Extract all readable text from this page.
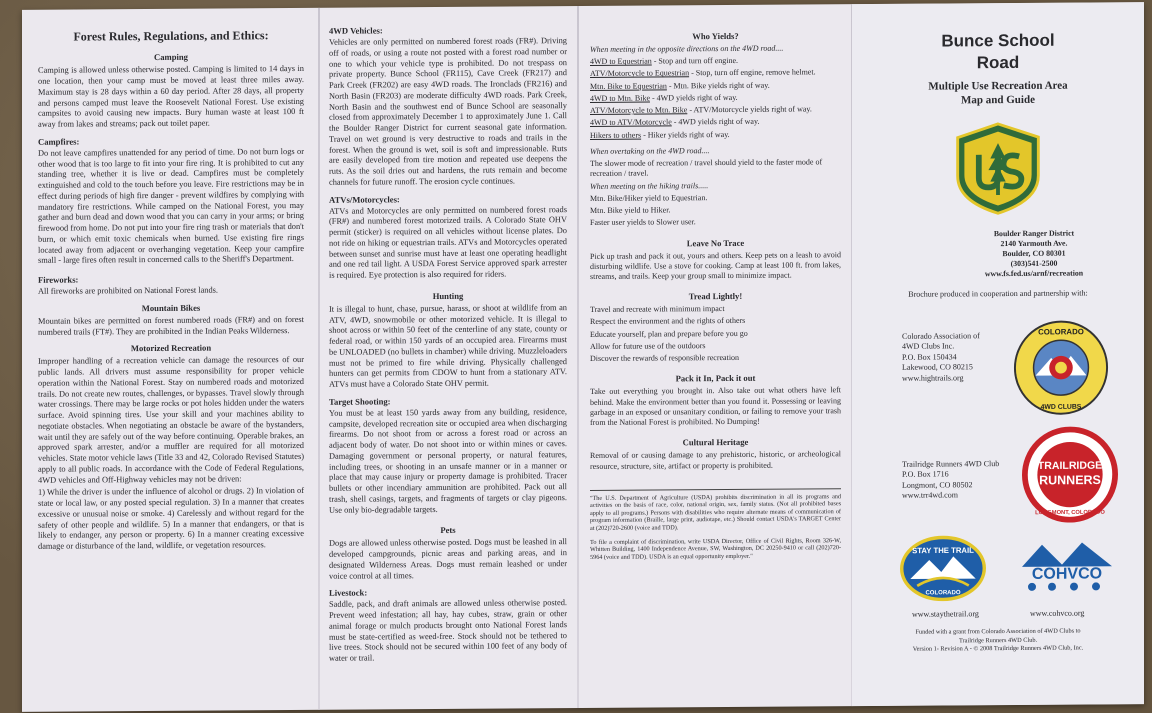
Forest Rules, Regulations, and Ethics:
Camping

Camping is allowed unless otherwise posted. Camping is limited to 14 days in one location, then your camp must be moved at least three miles away. Maximum stay is 28 days within a 60 day period. After 28 days, all property and persons camped must leave the Roosevelt National Forest. Use existing campsites to avoid causing new impacts. Bury human waste at least 100 ft away from lakes and streams; pack out toilet paper.

Campfires:

Do not leave campfires unattended for any period of time. Do not burn logs or other wood that is too large to fit into your fire ring. It is prohibited to cut any standing tree, whether it is live or dead. Campfires must be completely extinguished and cold to the touch before you leave. Fire restrictions may be in effect during periods of high fire danger - prevent wildfires by complying with mandatory fire restrictions. While camped on the National Forest, you may gather and burn dead and down wood that you can carry in your arms; or bring firewood from home. Do not put into your fire ring trash or materials that don't burn, or which emit toxic chemicals when burned. Use existing fire rings located away from adjacent or overhanging vegetation. Keep your campfire small - large fires often result in concerned calls to the Sheriff's Department.

Fireworks:

All fireworks are prohibited on National Forest lands.

Mountain Bikes

Mountain bikes are permitted on forest numbered roads (FR#) and on forest numbered trails (FT#). They are prohibited in the Indian Peaks Wilderness.

Motorized Recreation

Improper handling of a recreation vehicle can damage the resources of our public lands. All drivers must assume responsibility for proper vehicle operation within the National Forest. Stay on numbered roads and motorized trails. Do not create new routes, challenges, or bypasses. Travel slowly through water crossings. There may be large rocks or pot holes hidden under the waters surface. Avoid spinning tires. Use your skill and your machines ability to negotiate obstacles. When negotiating an obstacle be aware of the bystanders, wait until they are safely out of the way before continuing. Operable brakes, an approved spark arrester, and/or a muffler are required for all motorized vehicles. State motor vehicle laws (Title 33 and 42, Colorado Revised Statutes) apply to all public roads. In accordance with the Code of Federal Regulations, 4WD vehicles and Off-Highway vehicles may not be driven:

1) While the driver is under the influence of alcohol or drugs. 2) In violation of state or local law, or any posted special regulation. 3) In a manner that creates excessive or unusual noise or smoke. 4) Carelessly and without regard for the safety of other people and wildlife. 5) In a manner that endangers, or that is likely to endanger, any person or property. 6) In a manner creating excessive damage or disturbance of the land, wildlife, or vegetation resources.

4WD Vehicles:

Vehicles are only permitted on numbered forest roads (FR#). Driving off of roads, or using a route not posted with a forest road number or one to which your vehicle type is prohibited. Do not trespass on private property. Bunce School (FR115), Cave Creek (FR217) and Park Creek (FR202) are easy 4WD roads. The Ironclads (FR216) and North Basin (FR203) are moderate difficulty 4WD roads. Park Creek, North Basin and the southwest end of Bunce School are seasonally closed from approximately December 1 to approximately June 1. Call the Boulder Ranger District for current seasonal gate information. Travel on wet ground is very destructive to roads and trails in the forest. When the ground is wet, soil is soft and impressionable. Ruts are easily developed from tire motion and repeated use deepens the ruts. As the soil dries out and hardens, the ruts remain and become channels for future runoff. The erosion cycle continues.

ATVs/Motorcycles:

ATVs and Motorcycles are only permitted on numbered forest roads (FR#) and numbered forest motorized trails. A Colorado State OHV permit (sticker) is required on all vehicles without license plates. Do not ride on hiking or equestrian trails. ATVs and Motorcycles operated between sunset and sunrise must have at least one operating headlight and one red tail light. A USDA Forest Service approved spark arrester is required. Eye protection is also required for riders.

Hunting

It is illegal to hunt, chase, pursue, harass, or shoot at wildlife from an ATV, 4WD, snowmobile or other motorized vehicle. It is illegal to shoot across or within 50 feet of the centerline of any state, county or federal road, or within 150 yards of an occupied area. Firearms must be UNLOADED (no bullets in chamber) while driving. Muzzleloaders must not be primed to fire while driving. Physically challenged hunters can get permits from CDOW to hunt from a stationary ATV. ATVs must have a Colorado State OHV permit.

Target Shooting:

You must be at least 150 yards away from any building, residence, campsite, developed recreation site or occupied area when discharging firearms. Do not shoot from or across a forest road or across an adjacent body of water. Do not shoot into or within mines or caves. Damaging government or personal property, or natural features, including trees, or shooting in an unsafe manner or in a manner or place that may cause injury or property damage is prohibited. Tracer bullets or other incendiary ammunition are prohibited. Pack out all trash, shell casings, targets, and fragments of targets or clay pigeons. Use only bio-degradable targets.

Pets

Dogs are allowed unless otherwise posted. Dogs must be leashed in all developed campgrounds, picnic areas and parking areas, and in designated Wilderness Areas. Dogs must remain leashed or under voice control at all times.

Livestock:

Saddle, pack, and draft animals are allowed unless otherwise posted. Prevent weed infestation; all hay, hay cubes, straw, grain or other animal forage or mulch products brought onto National Forest lands must be state-certified as weed-free. Stock should not be tethered to live trees. Stock should not be secured within 100 feet of any body of water or trail.

Who Yields?

When meeting in the opposite directions on the 4WD road....

4WD to Equestrian - Stop and turn off engine.

ATV/Motorcycle to Equestrian - Stop, turn off engine, remove helmet.

Mtn. Bike to Equestrian - Mtn. Bike yields right of way.

4WD to Mtn. Bike - 4WD yields right of way.

ATV/Motorcycle to Mtn. Bike - ATV/Motorcycle yields right of way.

4WD to ATV/Motorcycle - 4WD yields right of way.

Hikers to others - Hiker yields right of way.

When overtaking on the 4WD road....

The slower mode of recreation / travel should yield to the faster mode of recreation / travel.

When meeting on the hiking trails.....

Mtn. Bike/Hiker yield to Equestrian.

Mtn. Bike yield to Hiker.

Faster user yields to Slower user.

Leave No Trace

Pick up trash and pack it out, yours and others. Keep pets on a leash to avoid disturbing wildlife. Use a stove for cooking. Camp at least 100 ft. from lakes, streams, and trails. Keep your group small to minimize impact.

Tread Lightly!

Travel and recreate with minimum impact

Respect the environment and the rights of others

Educate yourself, plan and prepare before you go

Allow for future use of the outdoors

Discover the rewards of responsible recreation

Pack it In, Pack it out

Take out everything you brought in. Also take out what others have left behind. Make the environment better than you found it. Possessing or leaving garbage in an exposed or unsanitary condition, or failing to remove your trash from the National Forest is prohibited. No Dumping!

Cultural Heritage

Removal of or causing damage to any prehistoric, historic, or archeological resource, structure, site, artifact or property is prohibited.

"The U.S. Department of Agriculture (USDA) prohibits discrimination in all its programs and activities on the basis of race, color, national origin, sex, family status. (Not all prohibited bases apply to all programs.) Persons with disabilities who require alternate means of communication of program information (Braille, large print, audiotape, etc.) Should contact USDA's TARGET Center at (202)720-2600 (voice and TDD).

To file a complaint of discrimination, write USDA Director, Office of Civil Rights, Room 326-W, Whitten Building, 1400 Independence Avenue, SW, Washington, DC 20250-9410 or call (202)720-5964 (voice and TDD). USDA is an equal opportunity employer."

Bunce School
Road
Multiple Use Recreation Area
Map and Guide
Boulder Ranger District
2140 Yarmouth Ave.
Boulder, CO 80301
(303)541-2500
www.fs.fed.us/arnf/recreation
Brochure produced in cooperation and partnership with:
Colorado Association of
4WD Clubs Inc.
P.O. Box 150434
Lakewood, CO 80215
www.hightrails.org
COLORADO
4WD CLUBS
Trailridge Runners 4WD Club
P.O. Box 1716
Longmont, CO 80502
www.trr4wd.com
TRAILRIDGE
RUNNERS
LONGMONT, COLORADO
STAY THE TRAIL
COLORADO
COHVCO
www.staythetrail.org	www.cohvco.org
Funded with a grant from Colorado Association of 4WD Clubs to
Trailridge Runners 4WD Club.
Version 1- Revision A - © 2008 Trailridge Runners 4WD Club, Inc.
